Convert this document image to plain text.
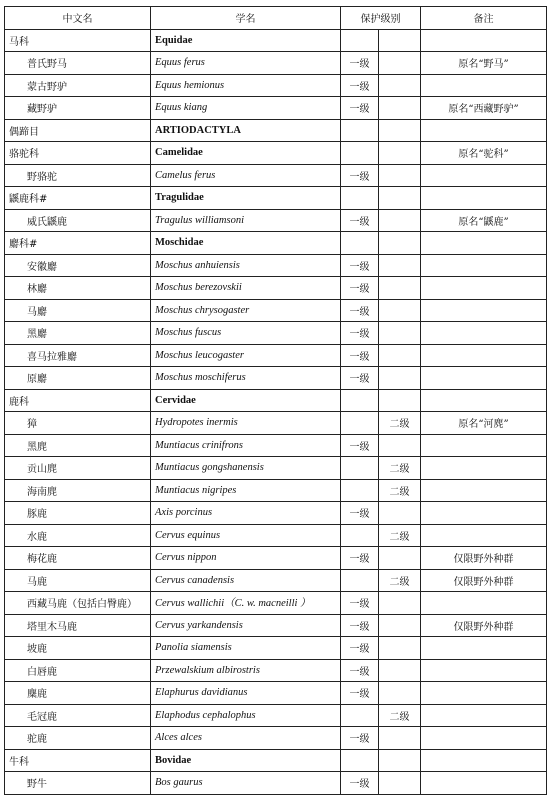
中文名	学名	保护级别		备注
马科	Equidae			
普氏野马	Equus ferus	一级		原名“野马”
蒙古野驴	Equus hemionus	一级		
藏野驴	Equus kiang	一级		原名“西藏野驴”
偶蹄目	ARTIODACTYLA			
骆驼科	Camelidae			原名“驼科”
野骆驼	Camelus ferus	一级		
鼷鹿科#	Tragulidae			
威氏鼷鹿	Tragulus williamsoni	一级		原名“鼷鹿”
麝科#	Moschidae			
安徽麝	Moschus anhuiensis	一级		
林麝	Moschus berezovskii	一级		
马麝	Moschus chrysogaster	一级		
黑麝	Moschus fuscus	一级		
喜马拉雅麝	Moschus leucogaster	一级		
原麝	Moschus moschiferus	一级		
鹿科	Cervidae			
獐	Hydropotes inermis		二级	原名“河麂”
黑麂	Muntiacus crinifrons	一级		
贡山麂	Muntiacus gongshanensis		二级	
海南麂	Muntiacus nigripes		二级	
豚鹿	Axis porcinus	一级		
水鹿	Cervus equinus		二级	
梅花鹿	Cervus nippon	一级		仅限野外种群
马鹿	Cervus canadensis		二级	仅限野外种群
西藏马鹿（包括白臀鹿）	Cervus wallichii（C. w. macneilli ）	一级		
塔里木马鹿	Cervus yarkandensis	一级		仅限野外种群
坡鹿	Panolia siamensis	一级		
白唇鹿	Przewalskium albirostris	一级		
麋鹿	Elaphurus davidianus	一级		
毛冠鹿	Elaphodus cephalophus		二级	
驼鹿	Alces alces	一级		
牛科	Bovidae			
野牛	Bos gaurus	一级		
